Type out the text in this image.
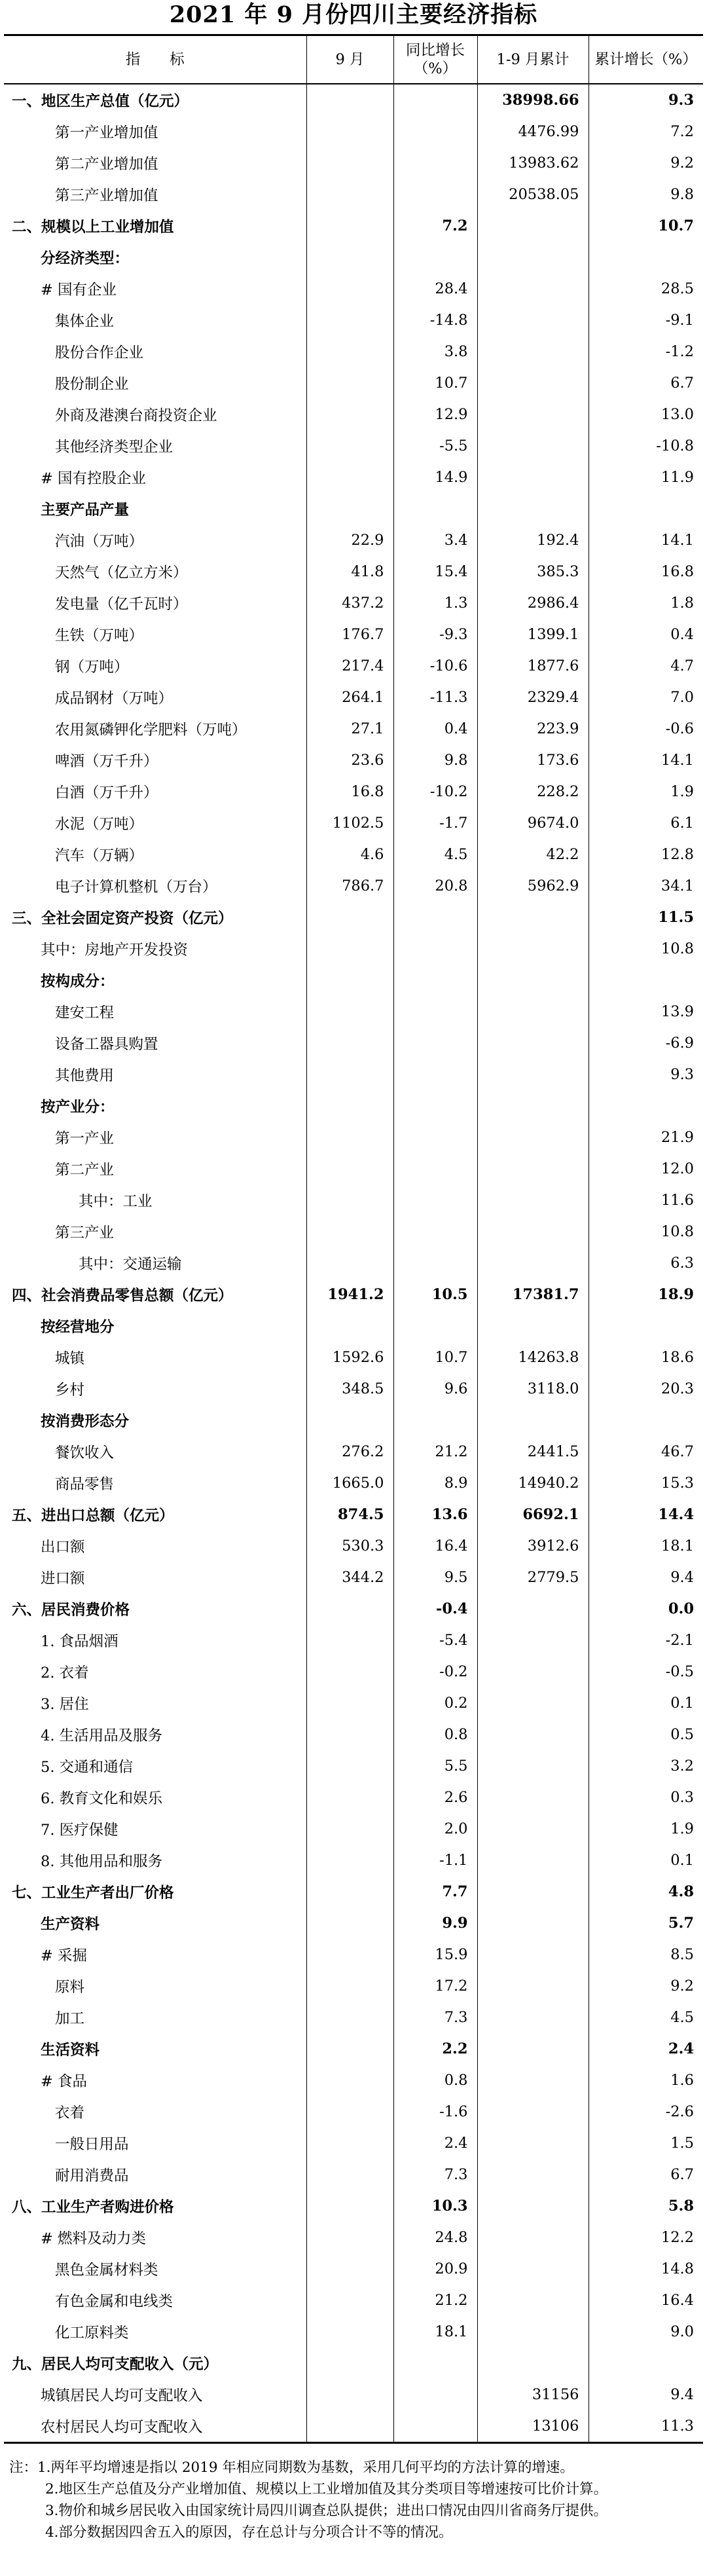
2021 年 9 月份四川主要经济指标
指　　标	9 月	同比增长（%）	1-9 月累计	累计增长（%）
一、地区生产总值（亿元）			38998.66	9.3
第一产业增加值			4476.99	7.2
第二产业增加值			13983.62	9.2
第三产业增加值			20538.05	9.8
二、规模以上工业增加值		7.2		10.7
分经济类型：				
# 国有企业		28.4		28.5
集体企业		-14.8		-9.1
股份合作企业		3.8		-1.2
股份制企业		10.7		6.7
外商及港澳台商投资企业		12.9		13.0
其他经济类型企业		-5.5		-10.8
# 国有控股企业		14.9		11.9
主要产品产量				
汽油（万吨）	22.9	3.4	192.4	14.1
天然气（亿立方米）	41.8	15.4	385.3	16.8
发电量（亿千瓦时）	437.2	1.3	2986.4	1.8
生铁（万吨）	176.7	-9.3	1399.1	0.4
钢（万吨）	217.4	-10.6	1877.6	4.7
成品钢材（万吨）	264.1	-11.3	2329.4	7.0
农用氮磷钾化学肥料（万吨）	27.1	0.4	223.9	-0.6
啤酒（万千升）	23.6	9.8	173.6	14.1
白酒（万千升）	16.8	-10.2	228.2	1.9
水泥（万吨）	1102.5	-1.7	9674.0	6.1
汽车（万辆）	4.6	4.5	42.2	12.8
电子计算机整机（万台）	786.7	20.8	5962.9	34.1
三、全社会固定资产投资（亿元）				11.5
其中：房地产开发投资				10.8
按构成分：				
建安工程				13.9
设备工器具购置				-6.9
其他费用				9.3
按产业分：				
第一产业				21.9
第二产业				12.0
其中：工业				11.6
第三产业				10.8
其中：交通运输				6.3
四、社会消费品零售总额（亿元）	1941.2	10.5	17381.7	18.9
按经营地分				
城镇	1592.6	10.7	14263.8	18.6
乡村	348.5	9.6	3118.0	20.3
按消费形态分				
餐饮收入	276.2	21.2	2441.5	46.7
商品零售	1665.0	8.9	14940.2	15.3
五、进出口总额（亿元）	874.5	13.6	6692.1	14.4
出口额	530.3	16.4	3912.6	18.1
进口额	344.2	9.5	2779.5	9.4
六、居民消费价格		-0.4		0.0
1. 食品烟酒		-5.4		-2.1
2. 衣着		-0.2		-0.5
3. 居住		0.2		0.1
4. 生活用品及服务		0.8		0.5
5. 交通和通信		5.5		3.2
6. 教育文化和娱乐		2.6		0.3
7. 医疗保健		2.0		1.9
8. 其他用品和服务		-1.1		0.1
七、工业生产者出厂价格		7.7		4.8
生产资料		9.9		5.7
# 采掘		15.9		8.5
原料		17.2		9.2
加工		7.3		4.5
生活资料		2.2		2.4
# 食品		0.8		1.6
衣着		-1.6		-2.6
一般日用品		2.4		1.5
耐用消费品		7.3		6.7
八、工业生产者购进价格		10.3		5.8
# 燃料及动力类		24.8		12.2
黑色金属材料类		20.9		14.8
有色金属和电线类		21.2		16.4
化工原料类		18.1		9.0
九、居民人均可支配收入（元）				
城镇居民人均可支配收入			31156	9.4
农村居民人均可支配收入			13106	11.3
注：1.两年平均增速是指以 2019 年相应同期数为基数，采用几何平均的方法计算的增速。
2.地区生产总值及分产业增加值、规模以上工业增加值及其分类项目等增速按可比价计算。
3.物价和城乡居民收入由国家统计局四川调查总队提供；进出口情况由四川省商务厅提供。
4.部分数据因四舍五入的原因，存在总计与分项合计不等的情况。
